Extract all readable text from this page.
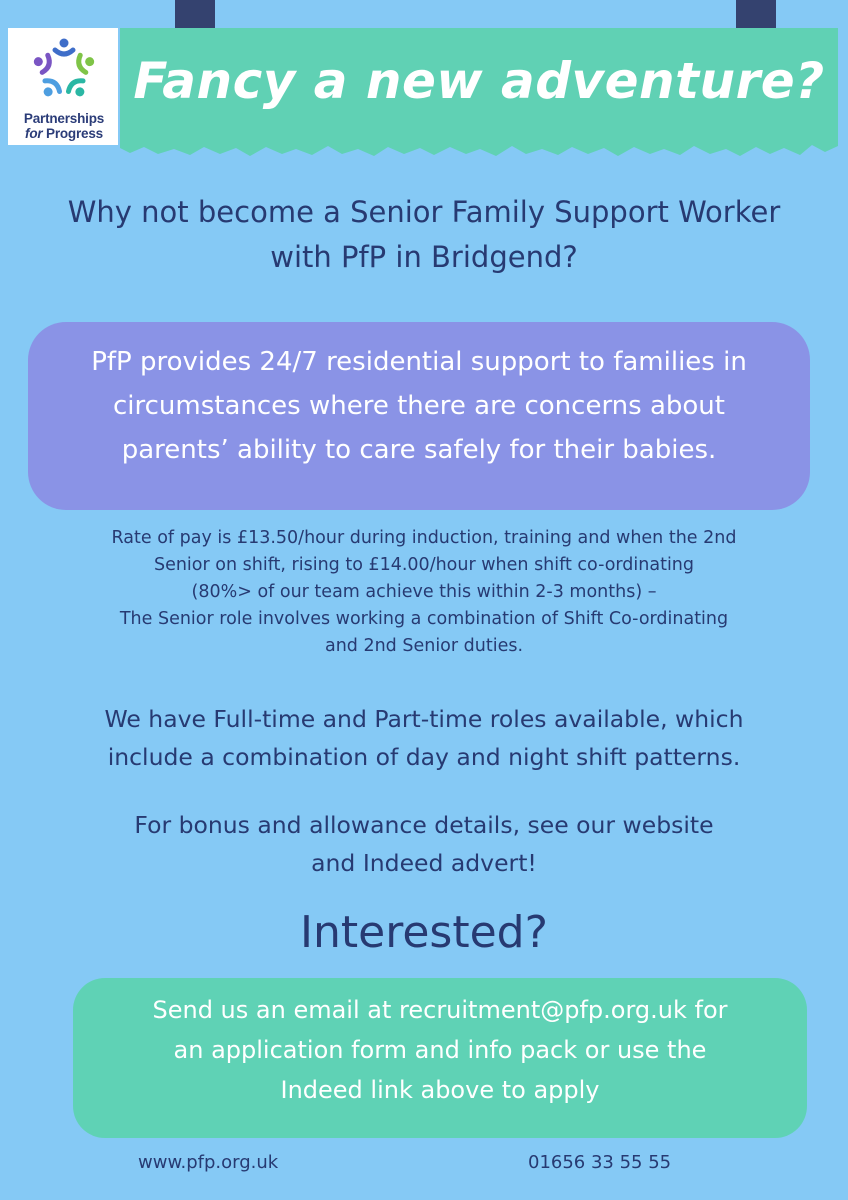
Partnerships
for Progress
Fancy a new adventure?
Why not become a Senior Family Support Worker
with PfP in Bridgend?
PfP provides 24/7 residential support to families in
circumstances where there are concerns about
parents’ ability to care safely for their babies.
Rate of pay is £13.50/hour during induction, training and when the 2nd
Senior on shift, rising to £14.00/hour when shift co-ordinating
(80%> of our team achieve this within 2-3 months) –
The Senior role involves working a combination of Shift Co-ordinating
and 2nd Senior duties.
We have Full-time and Part-time roles available, which
include a combination of day and night shift patterns.
For bonus and allowance details, see our website
and Indeed advert!
Interested?
Send us an email at recruitment@pfp.org.uk for
an application form and info pack or use the
Indeed link above to apply
www.pfp.org.uk	01656 33 55 55
